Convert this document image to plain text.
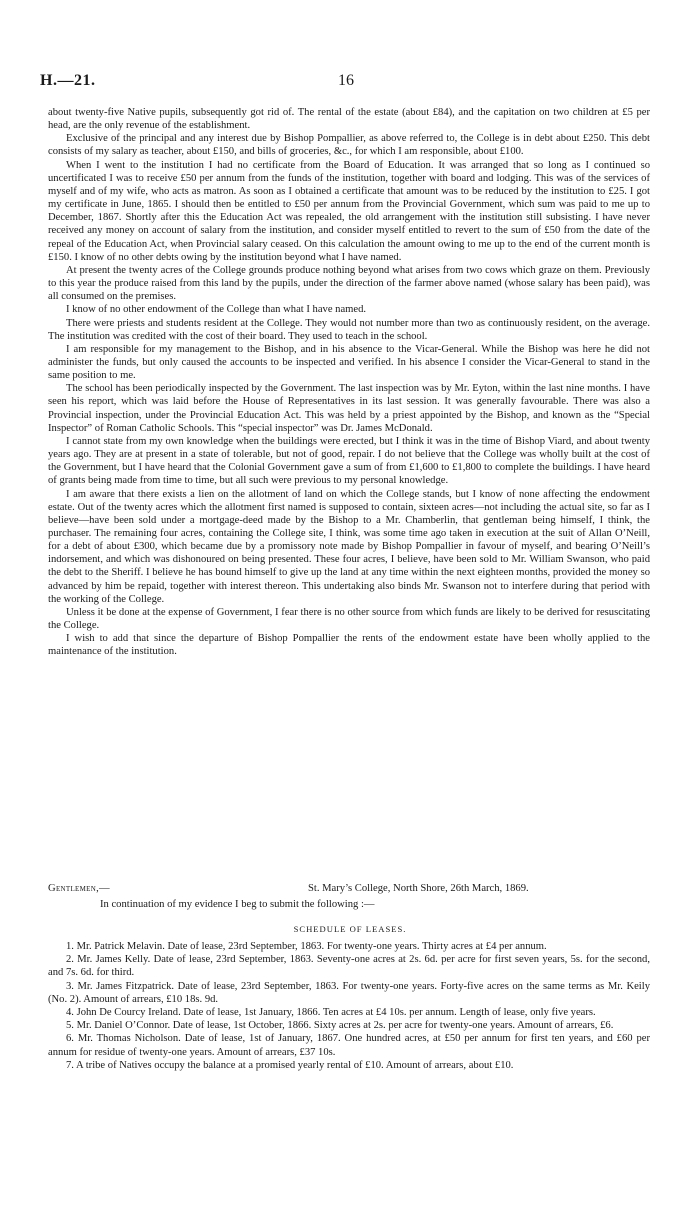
H.—21.	16

about twenty-five Native pupils, subsequently got rid of. The rental of the estate (about £84), and the capitation on two children at £5 per head, are the only revenue of the establishment.

Exclusive of the principal and any interest due by Bishop Pompallier, as above referred to, the College is in debt about £250. This debt consists of my salary as teacher, about £150, and bills of groceries, &c., for which I am responsible, about £100.

When I went to the institution I had no certificate from the Board of Education. It was arranged that so long as I continued so uncertificated I was to receive £50 per annum from the funds of the institution, together with board and lodging. This was of the services of myself and of my wife, who acts as matron. As soon as I obtained a certificate that amount was to be reduced by the institution to £25. I got my certificate in June, 1865. I should then be entitled to £50 per annum from the Provincial Government, which sum was paid to me up to December, 1867. Shortly after this the Education Act was repealed, the old arrangement with the institution still subsisting. I have never received any money on account of salary from the institution, and consider myself entitled to revert to the sum of £50 from the date of the repeal of the Education Act, when Provincial salary ceased. On this calculation the amount owing to me up to the end of the current month is £150. I know of no other debts owing by the institution beyond what I have named.

At present the twenty acres of the College grounds produce nothing beyond what arises from two cows which graze on them. Previously to this year the produce raised from this land by the pupils, under the direction of the farmer above named (whose salary has been paid), was all consumed on the premises.

I know of no other endowment of the College than what I have named.

There were priests and students resident at the College. They would not number more than two as continuously resident, on the average. The institution was credited with the cost of their board. They used to teach in the school.

I am responsible for my management to the Bishop, and in his absence to the Vicar-General. While the Bishop was here he did not administer the funds, but only caused the accounts to be inspected and verified. In his absence I consider the Vicar-General to stand in the same position to me.

The school has been periodically inspected by the Government. The last inspection was by Mr. Eyton, within the last nine months. I have seen his report, which was laid before the House of Representatives in its last session. It was generally favourable. There was also a Provincial inspection, under the Provincial Education Act. This was held by a priest appointed by the Bishop, and known as the “Special Inspector” of Roman Catholic Schools. This “special inspector” was Dr. James McDonald.

I cannot state from my own knowledge when the buildings were erected, but I think it was in the time of Bishop Viard, and about twenty years ago. They are at present in a state of tolerable, but not of good, repair. I do not believe that the College was wholly built at the cost of the Government, but I have heard that the Colonial Government gave a sum of from £1,600 to £1,800 to complete the buildings. I have heard of grants being made from time to time, but all such were previous to my personal knowledge.

I am aware that there exists a lien on the allotment of land on which the College stands, but I know of none affecting the endowment estate. Out of the twenty acres which the allotment first named is supposed to contain, sixteen acres—not including the actual site, so far as I believe—have been sold under a mortgage-deed made by the Bishop to a Mr. Chamberlin, that gentleman being himself, I think, the purchaser. The remaining four acres, containing the College site, I think, was some time ago taken in execution at the suit of Allan O’Neill, for a debt of about £300, which became due by a promissory note made by Bishop Pompallier in favour of myself, and bearing O’Neill’s indorsement, and which was dishonoured on being presented. These four acres, I believe, have been sold to Mr. William Swanson, who paid the debt to the Sheriff. I believe he has bound himself to give up the land at any time within the next eighteen months, provided the money so advanced by him be repaid, together with interest thereon. This undertaking also binds Mr. Swanson not to interfere during that period with the working of the College.

Unless it be done at the expense of Government, I fear there is no other source from which funds are likely to be derived for resuscitating the College.

I wish to add that since the departure of Bishop Pompallier the rents of the endowment estate have been wholly applied to the maintenance of the institution.

Gentlemen,—	St. Mary’s College, North Shore, 26th March, 1869.
In continuation of my evidence I beg to submit the following :—
SCHEDULE OF LEASES.

1. Mr. Patrick Melavin. Date of lease, 23rd September, 1863. For twenty-one years. Thirty acres at £4 per annum.

2. Mr. James Kelly. Date of lease, 23rd September, 1863. Seventy-one acres at 2s. 6d. per acre for first seven years, 5s. for the second, and 7s. 6d. for third.

3. Mr. James Fitzpatrick. Date of lease, 23rd September, 1863. For twenty-one years. Forty-five acres on the same terms as Mr. Keily (No. 2). Amount of arrears, £10 18s. 9d.

4. John De Courcy Ireland. Date of lease, 1st January, 1866. Ten acres at £4 10s. per annum. Length of lease, only five years.

5. Mr. Daniel O’Connor. Date of lease, 1st October, 1866. Sixty acres at 2s. per acre for twenty-one years. Amount of arrears, £6.

6. Mr. Thomas Nicholson. Date of lease, 1st of January, 1867. One hundred acres, at £50 per annum for first ten years, and £60 per annum for residue of twenty-one years. Amount of arrears, £37 10s.

7. A tribe of Natives occupy the balance at a promised yearly rental of £10. Amount of arrears, about £10.
